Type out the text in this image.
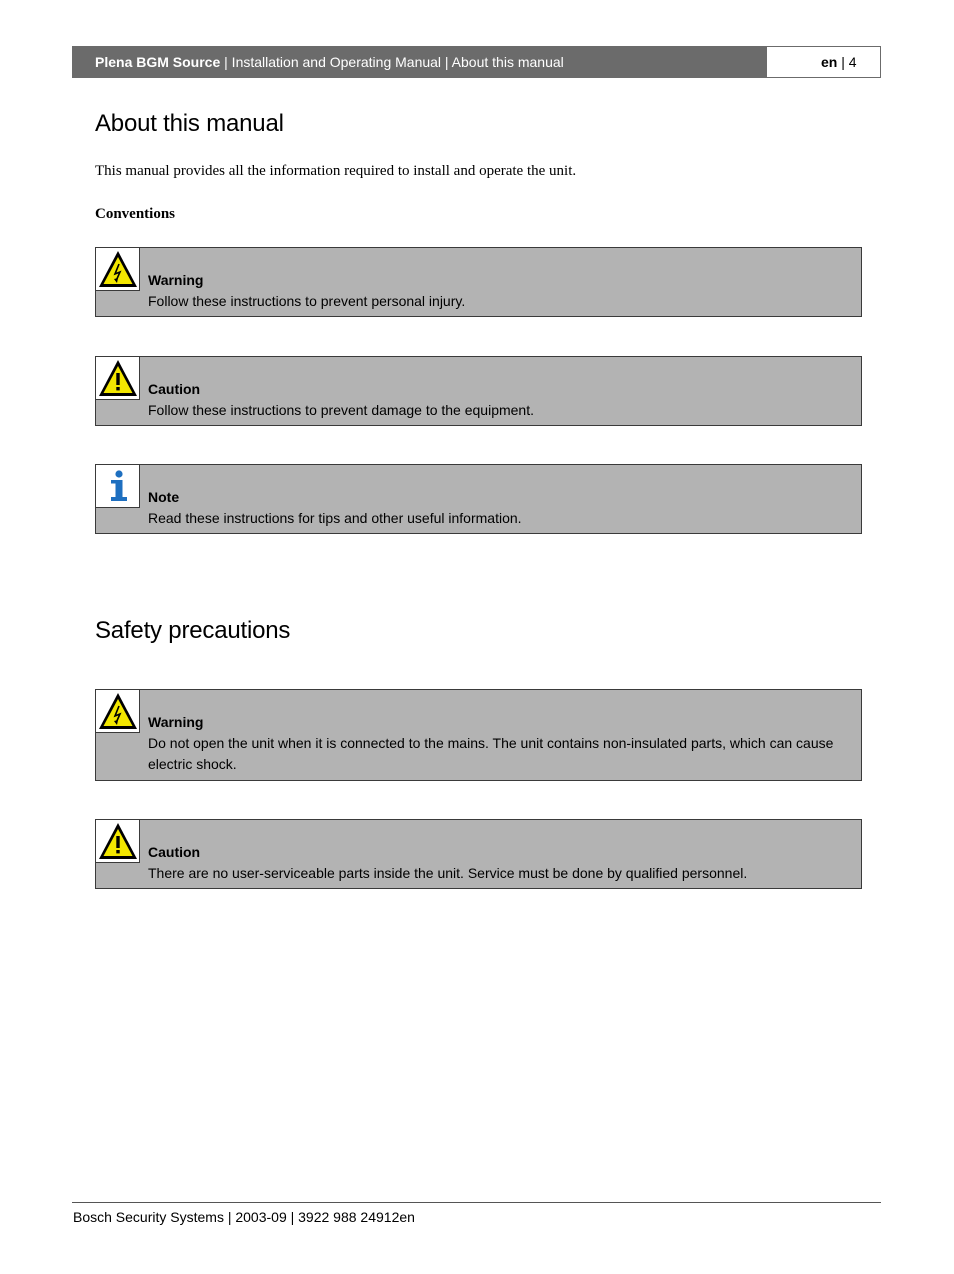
Plena BGM Source | Installation and Operating Manual | About this manual	en | 4
About this manual

This manual provides all the information required to install and operate the unit.

Conventions

Warning
Follow these instructions to prevent personal injury.
Caution
Follow these instructions to prevent damage to the equipment.
Note
Read these instructions for tips and other useful information.
Safety precautions
Warning
Do not open the unit when it is connected to the mains. The unit contains non-insulated parts, which can cause electric shock.
Caution
There are no user-serviceable parts inside the unit. Service must be done by qualified personnel.
Bosch Security Systems | 2003-09 | 3922 988 24912en
